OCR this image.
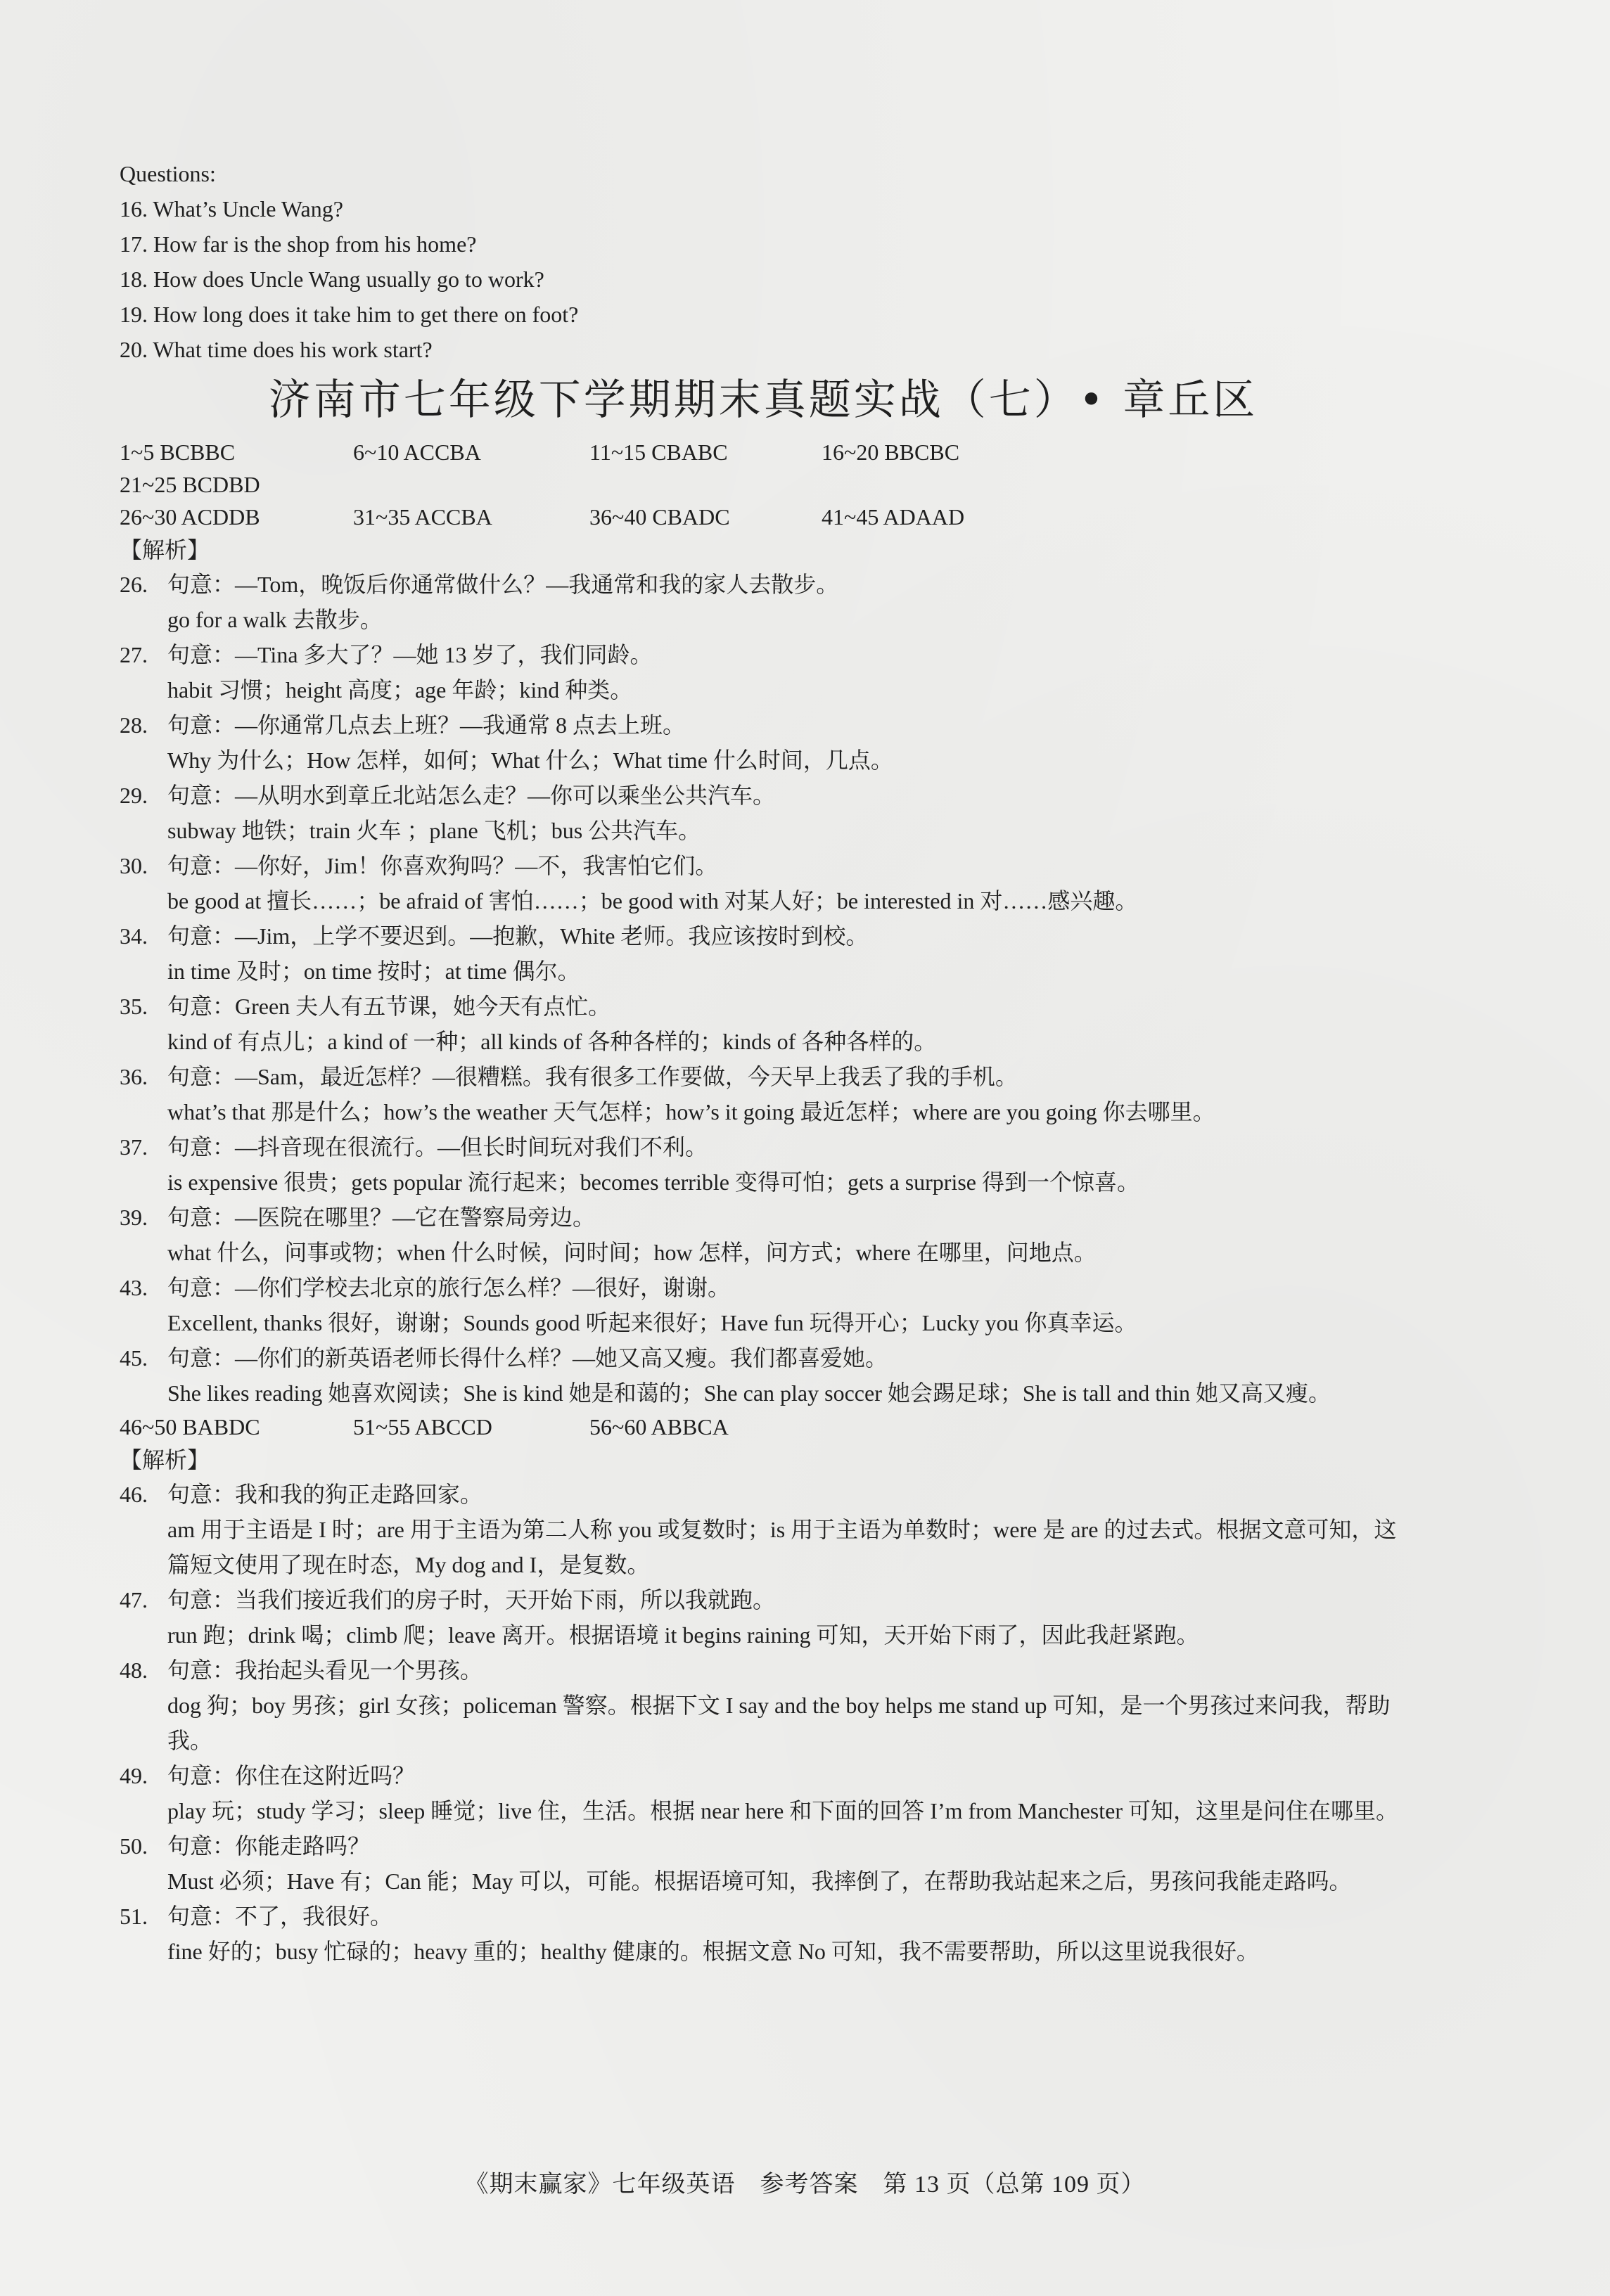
Questions:
16. What’s Uncle Wang?
17. How far is the shop from his home?
18. How does Uncle Wang usually go to work?
19. How long does it take him to get there on foot?
20. What time does his work start?
济南市七年级下学期期末真题实战（七）• 章丘区
1~5 BCBBC	6~10 ACCBA	11~15 CBABC	16~20 BBCBC
21~25 BCDBD
26~30 ACDDB	31~35 ACCBA	36~40 CBADC	41~45 ADAAD
【解析】
26. 句意：—Tom，晚饭后你通常做什么？—我通常和我的家人去散步。
go for a walk 去散步。
27. 句意：—Tina 多大了？—她 13 岁了，我们同龄。
habit 习惯；height 高度；age 年龄；kind 种类。
28. 句意：—你通常几点去上班？—我通常 8 点去上班。
Why 为什么；How 怎样，如何；What 什么；What time 什么时间，几点。
29. 句意：—从明水到章丘北站怎么走？—你可以乘坐公共汽车。
subway 地铁；train 火车 ；plane 飞机；bus 公共汽车。
30. 句意：—你好，Jim！你喜欢狗吗？—不，我害怕它们。
be good at 擅长……；be afraid of 害怕……；be good with 对某人好；be interested in 对……感兴趣。
34. 句意：—Jim，上学不要迟到。—抱歉，White 老师。我应该按时到校。
in time 及时；on time 按时；at time 偶尔。
35. 句意：Green 夫人有五节课，她今天有点忙。
kind of 有点儿；a kind of 一种；all kinds of 各种各样的；kinds of 各种各样的。
36. 句意：—Sam，最近怎样？—很糟糕。我有很多工作要做，今天早上我丢了我的手机。
what’s that 那是什么；how’s the weather 天气怎样；how’s it going 最近怎样；where are you going 你去哪里。
37. 句意：—抖音现在很流行。—但长时间玩对我们不利。
is expensive 很贵；gets popular 流行起来；becomes terrible 变得可怕；gets a surprise 得到一个惊喜。
39. 句意：—医院在哪里？—它在警察局旁边。
what 什么，问事或物；when 什么时候，问时间；how 怎样，问方式；where 在哪里，问地点。
43. 句意：—你们学校去北京的旅行怎么样？—很好，谢谢。
Excellent, thanks 很好，谢谢；Sounds good 听起来很好；Have fun 玩得开心；Lucky you 你真幸运。
45. 句意：—你们的新英语老师长得什么样？—她又高又瘦。我们都喜爱她。
She likes reading 她喜欢阅读；She is kind 她是和蔼的；She can play soccer 她会踢足球；She is tall and thin 她又高又瘦。
46~50 BABDC	51~55 ABCCD	56~60 ABBCA
【解析】
46. 句意：我和我的狗正走路回家。
am 用于主语是 I 时；are 用于主语为第二人称 you 或复数时；is 用于主语为单数时；were 是 are 的过去式。根据文意可知，这篇短文使用了现在时态，My dog and I，是复数。
47. 句意：当我们接近我们的房子时，天开始下雨，所以我就跑。
run 跑；drink 喝；climb 爬；leave 离开。根据语境 it begins raining 可知，天开始下雨了，因此我赶紧跑。
48. 句意：我抬起头看见一个男孩。
dog 狗；boy 男孩；girl 女孩；policeman 警察。根据下文 I say and the boy helps me stand up 可知，是一个男孩过来问我，帮助我。
49. 句意：你住在这附近吗？
play 玩；study 学习；sleep 睡觉；live 住，生活。根据 near here 和下面的回答 I’m from Manchester 可知，这里是问住在哪里。
50. 句意：你能走路吗？
Must 必须；Have 有；Can 能；May 可以，可能。根据语境可知，我摔倒了，在帮助我站起来之后，男孩问我能走路吗。
51. 句意：不了，我很好。
fine 好的；busy 忙碌的；heavy 重的；healthy 健康的。根据文意 No 可知，我不需要帮助，所以这里说我很好。
《期末赢家》七年级英语　参考答案　第 13 页（总第 109 页）
